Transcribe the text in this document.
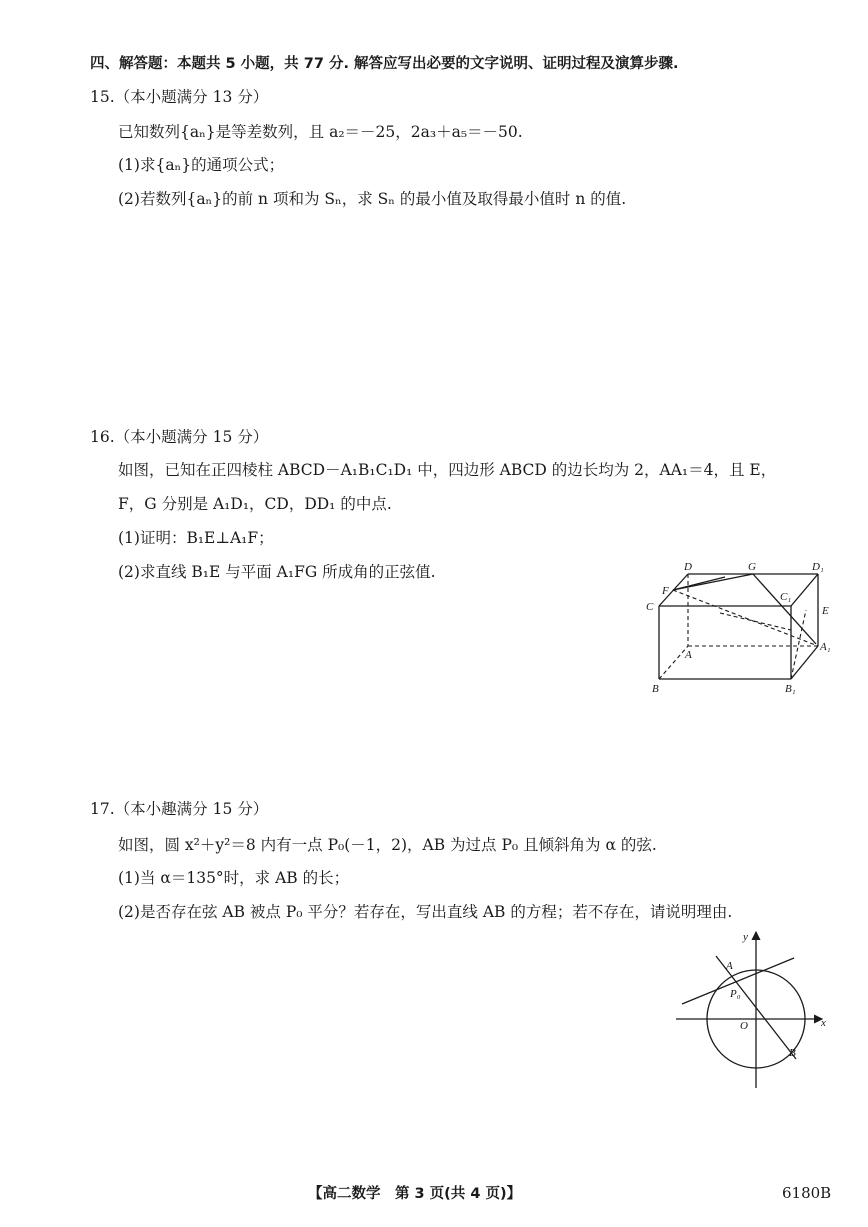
四、解答题：本题共 5 小题，共 77 分. 解答应写出必要的文字说明、证明过程及演算步骤.
15.（本小题满分 13 分）
已知数列{aₙ}是等差数列，且 a₂＝－25，2a₃＋a₅＝－50.
(1)求{aₙ}的通项公式；
(2)若数列{aₙ}的前 n 项和为 Sₙ，求 Sₙ 的最小值及取得最小值时 n 的值.
16.（本小题满分 15 分）
如图，已知在正四棱柱 ABCD－A₁B₁C₁D₁ 中，四边形 ABCD 的边长均为 2，AA₁＝4，且 E，
F，G 分别是 A₁D₁，CD，DD₁ 的中点.
(1)证明：B₁E⊥A₁F；
(2)求直线 B₁E 与平面 A₁FG 所成角的正弦值.	D	G	D₁
F	C₁
E
C
A
A₁
B	B₁
17.（本小趣满分 15 分）
如图，圆 x²＋y²＝8 内有一点 P₀(－1，2)，AB 为过点 P₀ 且倾斜角为 α 的弦.
(1)当 α＝135°时，求 AB 的长；
(2)是否存在弦 AB 被点 P₀ 平分？若存在，写出直线 AB 的方程；若不存在，请说明理由.
y
x
A
P₀
O
B
【高二数学　第 3 页(共 4 页)】	6180B
